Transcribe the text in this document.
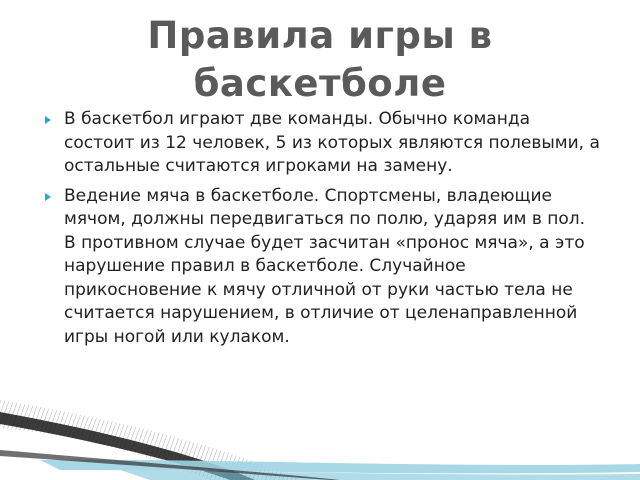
Правила игры в баскетболе
В баскетбол играют две команды. Обычно команда состоит из 12 человек, 5 из которых являются полевыми, а остальные считаются игроками на замену.
Ведение мяча в баскетболе. Спортсмены, владеющие мячом, должны передвигаться по полю, ударяя им в пол. В противном случае будет засчитан «пронос мяча», а это нарушение правил в баскетболе. Случайное прикосновение к мячу отличной от руки частью тела не считается нарушением, в отличие от целенаправленной игры ногой или кулаком.
